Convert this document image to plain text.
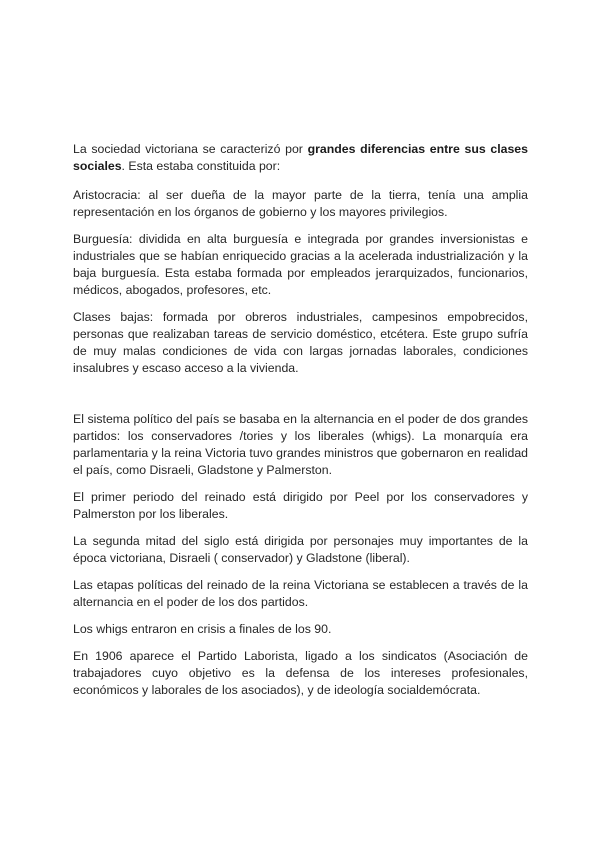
La sociedad victoriana se caracterizó por grandes diferencias entre sus clases sociales. Esta estaba constituida por:

Aristocracia: al ser dueña de la mayor parte de la tierra, tenía una amplia representación en los órganos de gobierno y los mayores privilegios.

Burguesía: dividida en alta burguesía e integrada por grandes inversionistas e industriales que se habían enriquecido gracias a la acelerada industrialización y la baja burguesía. Esta estaba formada por empleados jerarquizados, funcionarios, médicos, abogados, profesores, etc.

Clases bajas: formada por obreros industriales, campesinos empobrecidos, personas que realizaban tareas de servicio doméstico, etcétera. Este grupo sufría de muy malas condiciones de vida con largas jornadas laborales, condiciones insalubres y escaso acceso a la vivienda.

El sistema político del país se basaba en la alternancia en el poder de dos grandes partidos: los conservadores /tories y los liberales (whigs). La monarquía era parlamentaria y la reina Victoria tuvo grandes ministros que gobernaron en realidad el país, como Disraeli, Gladstone y Palmerston.

El primer periodo del reinado está dirigido por Peel por los conservadores y Palmerston por los liberales.

La segunda mitad del siglo está dirigida por personajes muy importantes de la época victoriana, Disraeli ( conservador) y Gladstone (liberal).

Las etapas políticas del reinado de la reina Victoriana se establecen a través de la alternancia en el poder de los dos partidos.

Los whigs entraron en crisis a finales de los 90.

En 1906 aparece el Partido Laborista, ligado a los sindicatos (Asociación de trabajadores cuyo objetivo es la defensa de los intereses profesionales, económicos y laborales de los asociados), y de ideología socialdemócrata.
